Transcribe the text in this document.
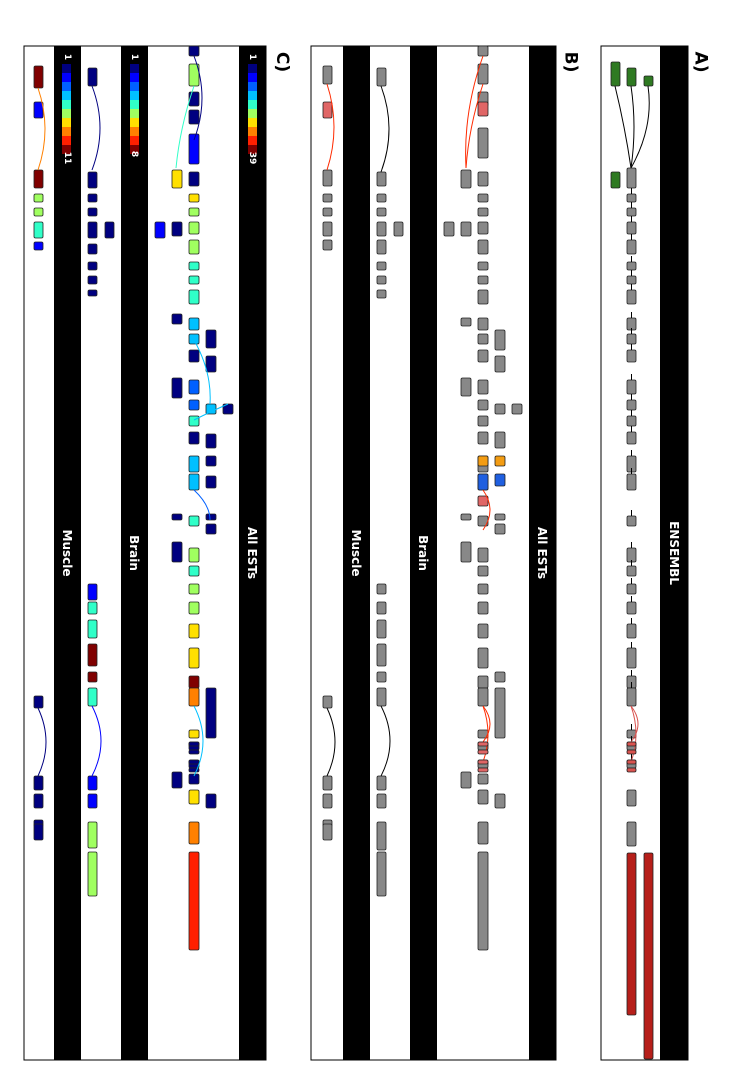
A)
B)
C)
ENSEMBL
All ESTs
Brain
Muscle
All ESTs
Brain
Muscle
1
39
1
8
1
11
